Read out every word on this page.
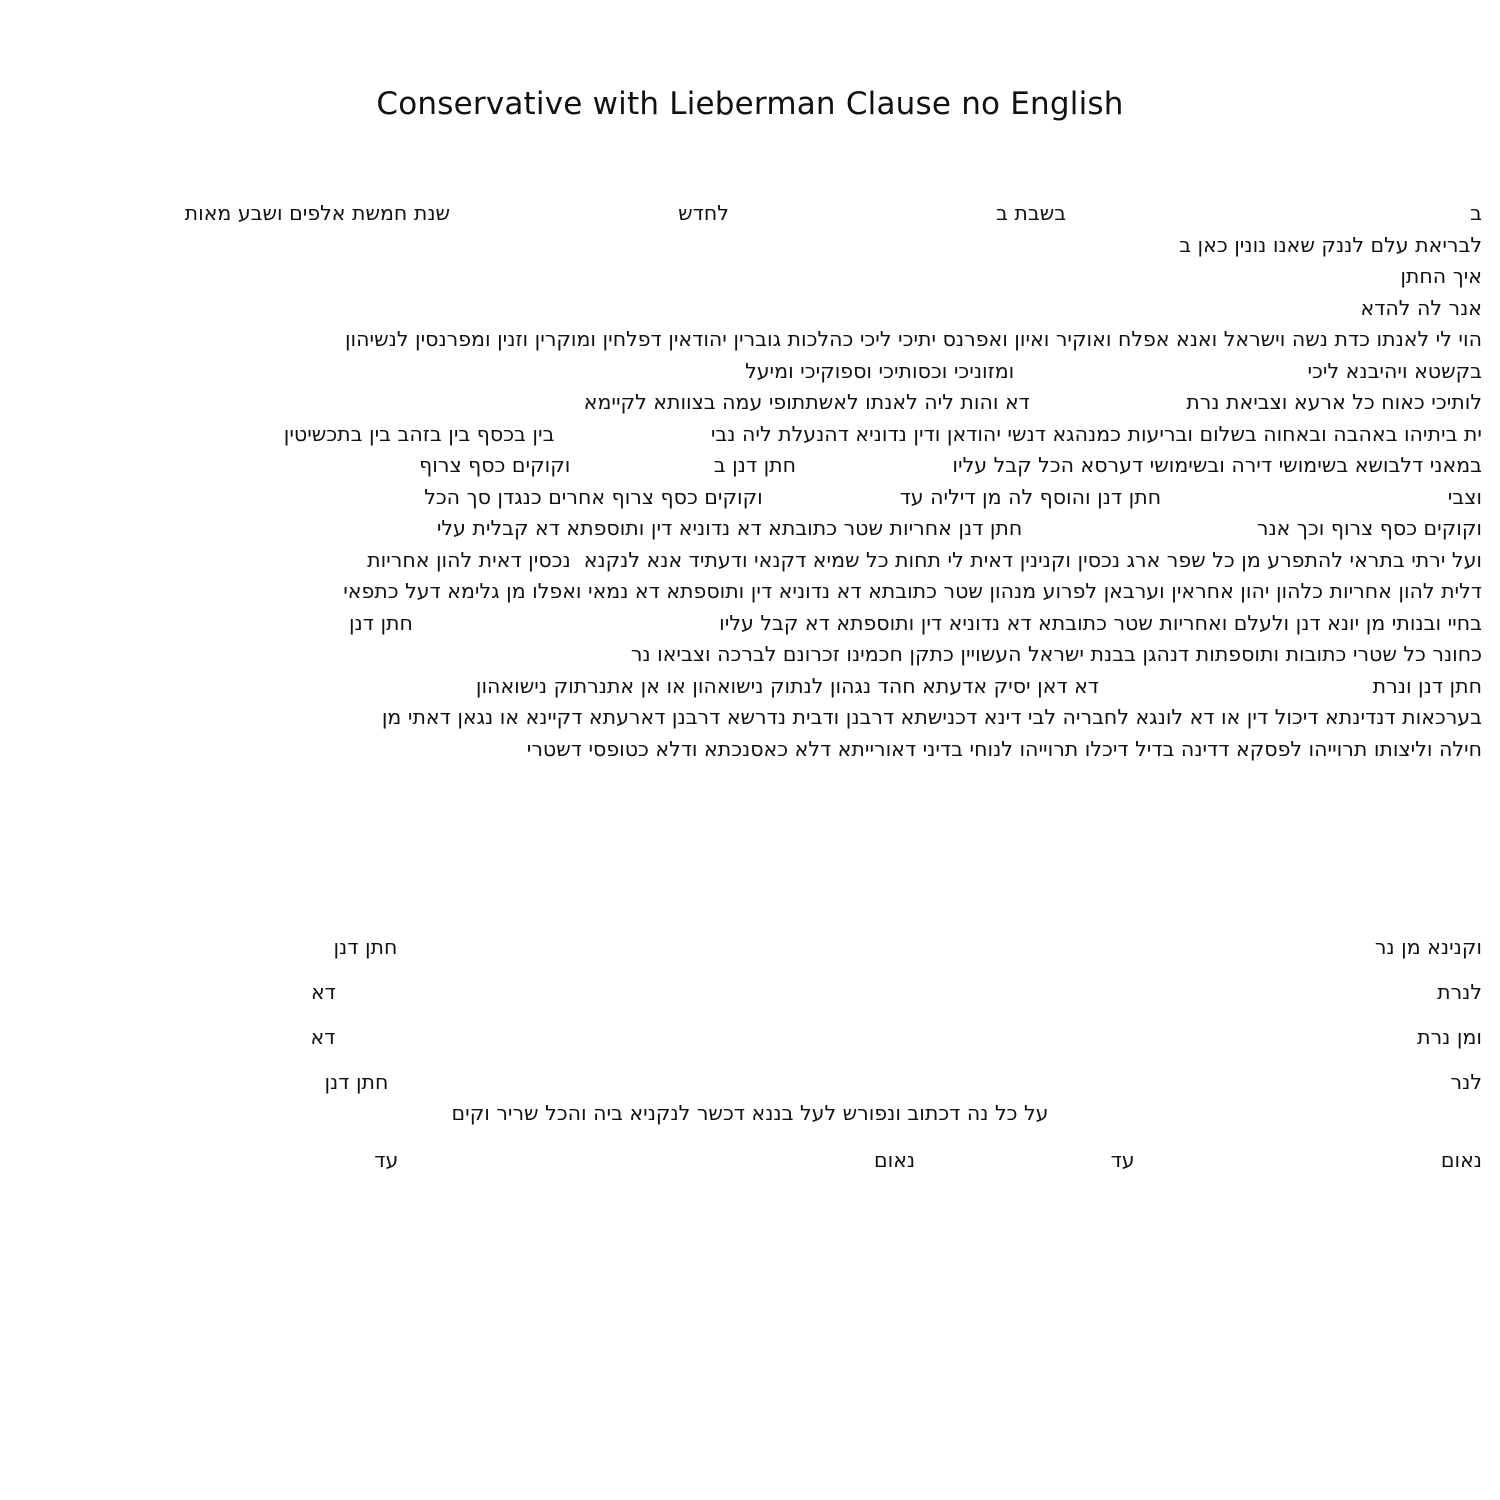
Conservative with Lieberman Clause no English
ב                                                              בשבת ב                                         לחדש                                   שנת חמשת אלפים ושבע מאות
לבריאת עלם לננק שאנו נונין כאן ב
איך החתן
אנר לה להדא
הוי לי לאנתו כדת נשה וישראל ואנא אפלח ואוקיר ואיון ואפרנס יתיכי ליכי כהלכות גוברין יהודאין דפלחין ומוקרין וזנין ומפרנסין לנשיהון
בקשטא ויהיבנא ליכי                                             ומזוניכי וכסותיכי וספוקיכי ומיעל
לותיכי כאוח כל ארעא וצביאת נרת                        דא והות ליה לאנתו לאשתתופי עמה בצוותא לקיימא
ית ביתיהו באהבה ובאחוה בשלום ובריעות כמנהגא דנשי יהודאן ודין נדוניא דהנעלת ליה נבי                        בין בכסף בין בזהב בין בתכשיטין
במאני דלבושא בשימושי דירה ובשימושי דערסא הכל קבל עליו                        חתן דנן ב                      וקוקים כסף צרוף
וצבי                                            חתן דנן והוסף לה מן דיליה עד                     וקוקים כסף צרוף אחרים כנגדן סך הכל
וקוקים כסף צרוף וכך אנר                                    חתן דנן אחריות שטר כתובתא דא נדוניא דין ותוספתא דא קבלית עלי
ועל ירתי בתראי להתפרע מן כל שפר ארג נכסין וקנינין דאית לי תחות כל שמיא דקנאי ודעתיד אנא לנקנא  נכסין דאית להון אחריות
דלית להון אחריות כלהון יהון אחראין וערבאן לפרוע מנהון שטר כתובתא דא נדוניא דין ותוספתא דא נמאי ואפלו מן גלימא דעל כתפאי
בחיי ובנותי מן יונא דנן ולעלם ואחריות שטר כתובתא דא נדוניא דין ותוספתא דא קבל עליו                                               חתן דנן
כחונר כל שטרי כתובות ותוספתות דנהגן בבנת ישראל העשויין כתקן חכמינו זכרונם לברכה וצביאו נר
חתן דנן ונרת                                          דא דאן יסיק אדעתא חהד נגהון לנתוק נישואהון או אן אתנרתוק נישואהון
בערכאות דנדינתא דיכול דין או דא לונגא לחבריה לבי דינא דכנישתא דרבנן ודבית נדרשא דרבנן דארעתא דקיינא או נגאן דאתי מן
חילה וליצותו תרוייהו לפסקא דדינה בדיל דיכלו תרוייהו לנוחי בדיני דאורייתא דלא כאסנכתא ודלא כטופסי דשטרי
וקנינא מן נר                                                                                                                                                      חתן דנן
לנרת                                                                                                                                                                         דא
ומן נרת                                                                                                                                                                      דא
לנר                                                                                                                                                                   חתן דנן
על כל נה דכתוב ונפורש לעל בננא דכשר לנקניא ביה והכל שריר וקים
נאום                                               עד                              נאום                                                                         עד
